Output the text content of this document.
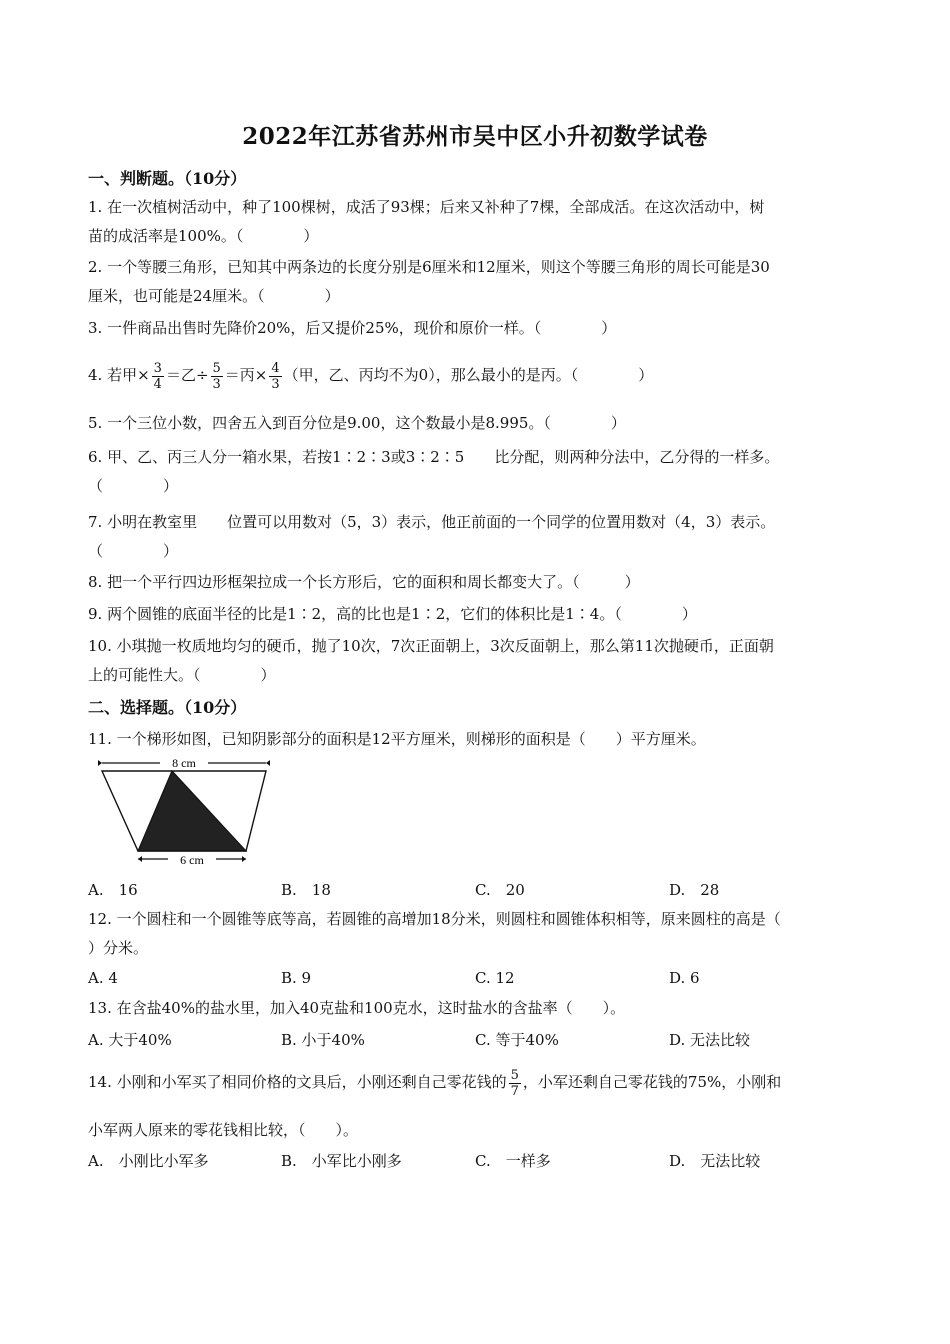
2022年江苏省苏州市吴中区小升初数学试卷
一、判断题。（10分）
1. 在一次植树活动中，种了100棵树，成活了93棵；后来又补种了7棵，全部成活。在这次活动中，树
苗的成活率是100%。（　　　　）
2. 一个等腰三角形，已知其中两条边的长度分别是6厘米和12厘米，则这个等腰三角形的周长可能是30
厘米，也可能是24厘米。（　　　　）
3. 一件商品出售时先降价20%，后又提价25%，现价和原价一样。（　　　　）
4. 若甲× $\frac{3}{4}$ ＝乙÷ $\frac{5}{3}$ ＝丙× $\frac{4}{3}$ （甲，乙、丙均不为0），那么最小的是丙。（　　　　）
5. 一个三位小数，四舍五入到百分位是9.00，这个数最小是8.995。（　　　　）
6. 甲、乙、丙三人分一箱水果，若按1∶2∶3或3∶2∶5　　比分配，则两种分法中，乙分得的一样多。
（　　　　）
7. 小明在教室里　　位置可以用数对（5，3）表示，他正前面的一个同学的位置用数对（4，3）表示。
（　　　　）
8. 把一个平行四边形框架拉成一个长方形后，它的面积和周长都变大了。（　　　）
9. 两个圆锥的底面半径的比是1∶2，高的比也是1∶2，它们的体积比是1∶4。（　　　　）
10. 小琪抛一枚质地均匀的硬币，抛了10次，7次正面朝上，3次反面朝上，那么第11次抛硬币，正面朝
上的可能性大。（　　　　）
二、选择题。（10分）
11. 一个梯形如图，已知阴影部分的面积是12平方厘米，则梯形的面积是（　　）平方厘米。
8 cm
6 cm
A.　16	B.　18	C.　20	D.　28
12. 一个圆柱和一个圆锥等底等高，若圆锥的高增加18分米，则圆柱和圆锥体积相等，原来圆柱的高是（
）分米。
A. 4	B. 9	C. 12	D. 6
13. 在含盐40%的盐水里，加入40克盐和100克水，这时盐水的含盐率（　　）。
A. 大于40%	B. 小于40%	C. 等于40%	D. 无法比较
14. 小刚和小军买了相同价格的文具后，小刚还剩自己零花钱的 $\frac{5}{7}$ ，小军还剩自己零花钱的75%，小刚和
小军两人原来的零花钱相比较，（　　）。
A.　小刚比小军多	B.　小军比小刚多	C.　一样多	D.　无法比较
